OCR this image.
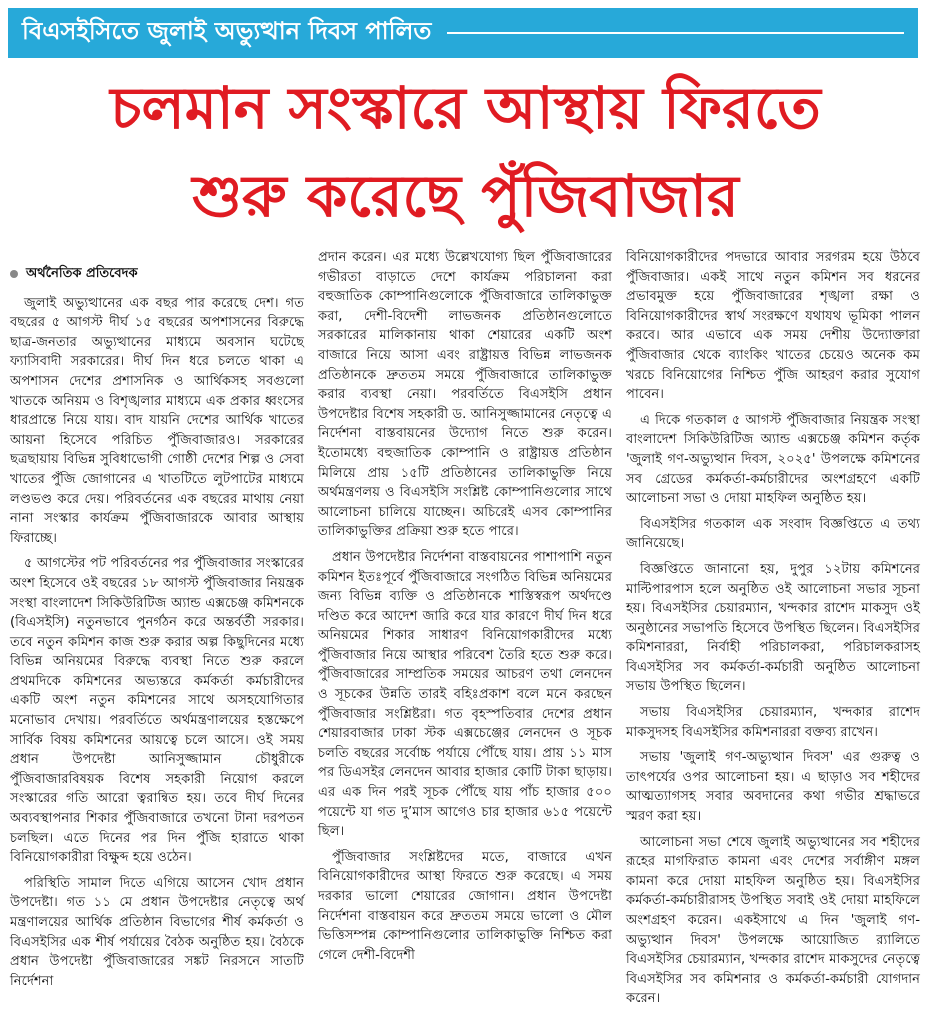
বিএসইসিতে জুলাই অভ্যুত্থান দিবস পালিত
চলমান সংস্কারে আস্থায় ফিরতে
শুরু করেছে পুঁজিবাজার
অর্থনৈতিক প্রতিবেদক

জুলাই অভ্যুত্থানের এক বছর পার করেছে দেশ। গত বছরের ৫ আগস্ট দীর্ঘ ১৫ বছরের অপশাসনের বিরুদ্ধে ছাত্র-জনতার অভ্যুত্থানের মাধ্যমে অবসান ঘটেছে ফ্যাসিবাদী সরকারের। দীর্ঘ দিন ধরে চলতে থাকা এ অপশাসন দেশের প্রশাসনিক ও আর্থিকসহ সবগুলো খাতকে অনিয়ম ও বিশৃঙ্খলার মাধ্যমে এক প্রকার ধ্বংসের ধারপ্রান্তে নিয়ে যায়। বাদ যায়নি দেশের আর্থিক খাতের আয়না হিসেবে পরিচিত পুঁজিবাজারও। সরকারের ছত্রছায়ায় বিভিন্ন সুবিধাভোগী গোষ্ঠী দেশের শিল্প ও সেবা খাতের পুঁজি জোগানের এ খাতটিতে লুটপাটের মাধ্যমে লণ্ডভণ্ড করে দেয়। পরিবর্তনের এক বছরের মাথায় নেয়া নানা সংস্কার কার্যক্রম পুঁজিবাজারকে আবার আস্থায় ফিরাচ্ছে।

৫ আগস্টের পট পরিবর্তনের পর পুঁজিবাজার সংস্কারের অংশ হিসেবে ওই বছরের ১৮ আগস্ট পুঁজিবাজার নিয়ন্ত্রক সংস্থা বাংলাদেশ সিকিউরিটিজ অ্যান্ড এক্সচেঞ্জ কমিশনকে (বিএসইসি) নতুনভাবে পুনর্গঠন করে অন্তর্বর্তী সরকার। তবে নতুন কমিশন কাজ শুরু করার অল্প কিছুদিনের মধ্যে বিভিন্ন অনিয়মের বিরুদ্ধে ব্যবস্থা নিতে শুরু করলে প্রথমদিকে কমিশনের অভ্যন্তরে কর্মকর্তা কর্মচারীদের একটি অংশ নতুন কমিশনের সাথে অসহযোগিতার মনোভাব দেখায়। পরবর্তিতে অর্থমন্ত্রণালয়ের হস্তক্ষেপে সার্বিক বিষয় কমিশনের আয়ত্বে চলে আসে। ওই সময় প্রধান উপদেষ্টা আনিসুজ্জামান চৌধুরীকে পুঁজিবাজারবিষয়ক বিশেষ সহকারী নিয়োগ করলে সংস্কারের গতি আরো ত্বরান্বিত হয়। তবে দীর্ঘ দিনের অব্যবস্থাপনার শিকার পুঁজিবাজারে তখনো টানা দরপতন চলছিল। এতে দিনের পর দিন পুঁজি হারাতে থাকা বিনিয়োগকারীরা বিক্ষুব্দ হয়ে ওঠেন।

পরিস্থিতি সামাল দিতে এগিয়ে আসেন খোদ প্রধান উপদেষ্টা। গত ১১ মে প্রধান উপদেষ্টার নেতৃত্বে অর্থ মন্ত্রণালয়ের আর্থিক প্রতিষ্ঠান বিভাগের শীর্ষ কর্মকর্তা ও বিএসইসির এক শীর্ষ পর্যায়ের বৈঠক অনুষ্ঠিত হয়। বৈঠকে প্রধান উপদেষ্টা পুঁজিবাজারের সঙ্কট নিরসনে সাতটি নির্দেশনা

প্রদান করেন। এর মধ্যে উল্লেখযোগ্য ছিল পুঁজিবাজারের গভীরতা বাড়াতে দেশে কার্যক্রম পরিচালনা করা বহুজাতিক কোম্পানিগুলোকে পুঁজিবাজারে তালিকাভুক্ত করা, দেশী-বিদেশী লাভজনক প্রতিষ্ঠানগুলোতে সরকারের মালিকানায় থাকা শেয়ারের একটি অংশ বাজারে নিয়ে আসা এবং রাষ্ট্রায়ত্ত বিভিন্ন লাভজনক প্রতিষ্ঠানকে দ্রুততম সময়ে পুঁজিবাজারে তালিকাভুক্ত করার ব্যবস্থা নেয়া। পরবর্তিতে বিএসইসি প্রধান উপদেষ্টার বিশেষ সহকারী ড. আনিসুজ্জামানের নেতৃত্বে এ নির্দেশনা বাস্তবায়নের উদ্যোগ নিতে শুরু করেন। ইতোমধ্যে বহুজাতিক কোম্পানি ও রাষ্ট্রায়ত্ত প্রতিষ্ঠান মিলিয়ে প্রায় ১৫টি প্রতিষ্ঠানের তালিকাভুক্তি নিয়ে অর্থমন্ত্রণলয় ও বিএসইসি সংশ্লিষ্ট কোম্পানিগুলোর সাথে আলোচনা চালিয়ে যাচ্ছেন। অচিরেই এসব কোম্পানির তালিকাভুক্তির প্রক্রিয়া শুরু হতে পারে।

প্রধান উপদেষ্টার নির্দেশনা বাস্তবায়নের পাশাপাশি নতুন কমিশন ইতঃপূর্বে পুঁজিবাজারে সংগঠিত বিভিন্ন অনিয়মের জন্য বিভিন্ন ব্যক্তি ও প্রতিষ্ঠানকে শাস্তিস্বরূপ অর্থদণ্ডে দণ্ডিত করে আদেশ জারি করে যার কারণে দীর্ঘ দিন ধরে অনিয়মের শিকার সাধারণ বিনিয়োগকারীদের মধ্যে পুঁজিবাজার নিয়ে আস্থার পরিবেশ তৈরি হতে শুরু করে। পুঁজিবাজারের সাম্প্রতিক সময়ের আচরণ তথা লেনদেন ও সূচকের উন্নতি তারই বহিঃপ্রকাশ বলে মনে করছেন পুঁজিবাজার সংশ্লিষ্টরা। গত বৃহস্পতিবার দেশের প্রধান শেয়ারবাজার ঢাকা স্টক এক্সচেঞ্জের লেনদেন ও সূচক চলতি বছরের সর্বোচ্চ পর্যায়ে পৌঁছে যায়। প্রায় ১১ মাস পর ডিএসইর লেনদেন আবার হাজার কোটি টাকা ছাড়ায়। এর এক দিন পরই সূচক পৌঁছে যায় পাঁচ হাজার ৫০০ পয়েন্টে যা গত দু’মাস আগেও চার হাজার ৬১৫ পয়েন্টে ছিল।

পুঁজিবাজার সংশ্লিষ্টদের মতে, বাজারে এখন বিনিয়োগকারীদের আস্থা ফিরতে শুরু করেছে। এ সময় দরকার ভালো শেয়ারের জোগান। প্রধান উপদেষ্টা নির্দেশনা বাস্তবায়ন করে দ্রুততম সময়ে ভালো ও মৌল ভিত্তিসম্পন্ন কোম্পানিগুলোর তালিকাভুক্তি নিশ্চিত করা গেলে দেশী-বিদেশী

বিনিয়োগকারীদের পদভারে আবার সরগরম হয়ে উঠবে পুঁজিবাজার। একই সাথে নতুন কমিশন সব ধরনের প্রভাবমুক্ত হয়ে পুঁজিবাজারের শৃঙ্খলা রক্ষা ও বিনিয়োগকারীদের স্বার্থ সংরক্ষণে যথাযথ ভূমিকা পালন করবে। আর এভাবে এক সময় দেশীয় উদ্যোক্তারা পুঁজিবাজার থেকে ব্যাংকিং খাতের চেয়েও অনেক কম খরচে বিনিয়োগের নিশ্চিত পুঁজি আহরণ করার সুযোগ পাবেন।

এ দিকে গতকাল ৫ আগস্ট পুঁজিবাজার নিয়ন্ত্রক সংস্থা বাংলাদেশ সিকিউরিটিজ অ্যান্ড এক্সচেঞ্জ কমিশন কর্তৃক 'জুলাই গণ-অভ্যুত্থান দিবস, ২০২৫' উপলক্ষে কমিশনের সব গ্রেডের কর্মকর্তা-কর্মচারীদের অংশগ্রহণে একটি আলোচনা সভা ও দোয়া মাহফিল অনুষ্ঠিত হয়।

বিএসইসির গতকাল এক সংবাদ বিজ্ঞপ্তিতে এ তথ্য জানিয়েছে।

বিজ্ঞপ্তিতে জানানো হয়, দুপুর ১২টায় কমিশনের মাল্টিপারপাস হলে অনুষ্ঠিত ওই আলোচনা সভার সূচনা হয়। বিএসইসির চেয়ারম্যান, খন্দকার রাশেদ মাকসুদ ওই অনুষ্ঠানের সভাপতি হিসেবে উপস্থিত ছিলেন। বিএসইসির কমিশনাররা, নির্বাহী পরিচালকরা, পরিচালকরাসহ বিএসইসির সব কর্মকর্তা-কর্মচারী অনুষ্ঠিত আলোচনা সভায় উপস্থিত ছিলেন।

সভায় বিএসইসির চেয়ারম্যান, খন্দকার রাশেদ মাকসুদসহ বিএসইসির কমিশনাররা বক্তব্য রাখেন।

সভায় 'জুলাই গণ-অভ্যুত্থান দিবস' এর গুরুত্ব ও তাৎপর্যের ওপর আলোচনা হয়। এ ছাড়াও সব শহীদের আত্মত্যাগসহ সবার অবদানের কথা গভীর শ্রদ্ধাভরে স্মরণ করা হয়।

আলোচনা সভা শেষে জুলাই অভ্যুত্থানের সব শহীদের রূহের মাগফিরাত কামনা এবং দেশের সর্বাঙ্গীণ মঙ্গল কামনা করে দোয়া মাহফিল অনুষ্ঠিত হয়। বিএসইসির কর্মকর্তা-কর্মচারীরাসহ উপস্থিত সবাই ওই দোয়া মাহফিলে অংশগ্রহণ করেন। একইসাথে এ দিন 'জুলাই গণ-অভ্যুত্থান দিবস' উপলক্ষে আয়োজিত র‌্যালিতে বিএসইসির চেয়ারম্যান, খন্দকার রাশেদ মাকসুদের নেতৃত্বে বিএসইসির সব কমিশনার ও কর্মকর্তা-কর্মচারী যোগদান করেন।
